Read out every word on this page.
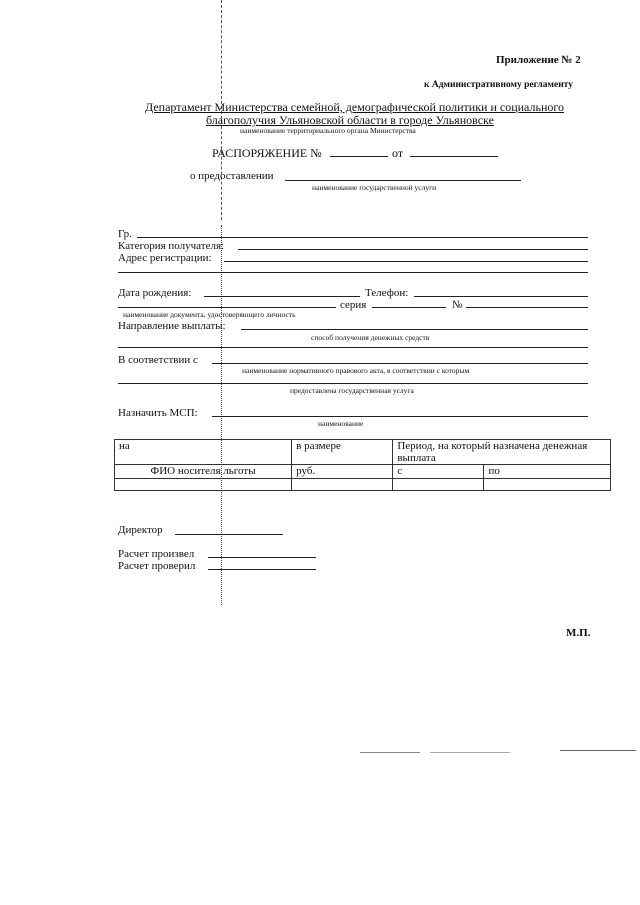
Приложение № 2
к Административному регламенту
Департамент Министерства семейной, демографической политики и социального
благополучия Ульяновской области в городе Ульяновске
наименование территориального органа Министерства
РАСПОРЯЖЕНИЕ №	от
о предоставлении
наименование государственной услуги
Гр.
Категория получателя:
Адрес регистрации:
Дата рождения:	Телефон:
серия	№
наименование документа, удостоверяющего личность
Направление выплаты:
способ получения денежных средств
В соответствии с
наименование нормативного правового акта, в соответствии с которым
предоставлена государственная услуга
Назначить МСП:
наименование
на	в размере	Период, на который назначена денежная выплата	
ФИО носителя льготы	руб.	с	по

Директор
Расчет произвел
Расчет проверил
М.П.
